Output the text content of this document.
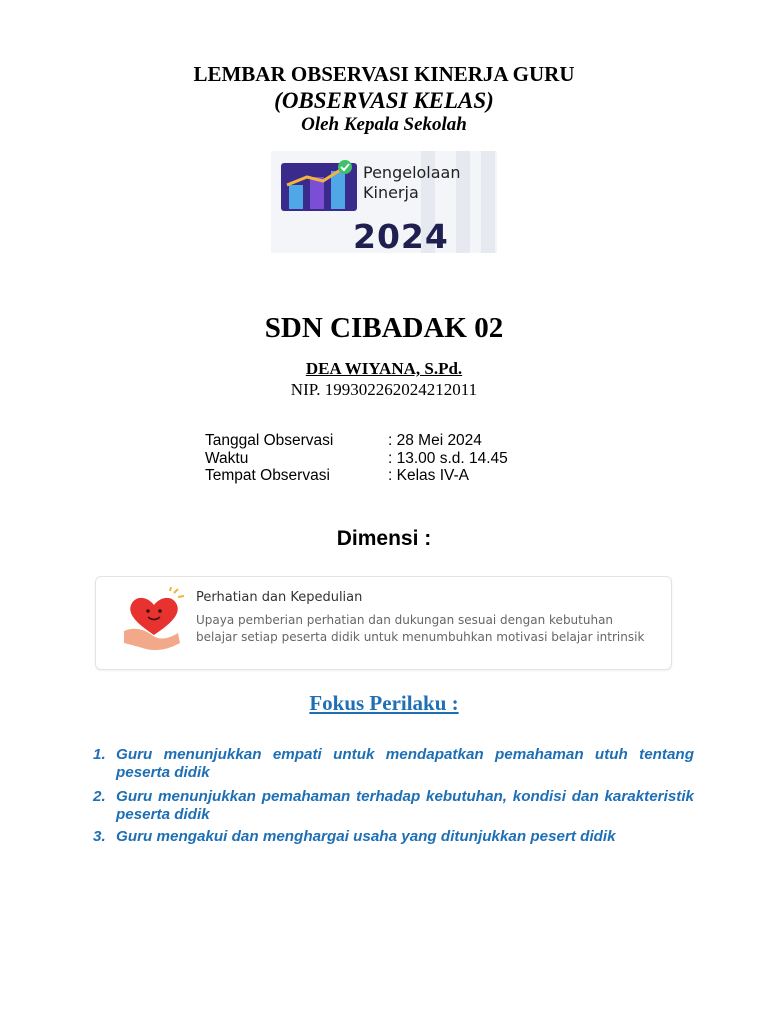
LEMBAR OBSERVASI KINERJA GURU
(OBSERVASI KELAS)
Oleh Kepala Sekolah
Pengelolaan
Kinerja
2024
SDN CIBADAK 02
DEA WIYANA, S.Pd.
NIP. 199302262024212011
Tanggal Observasi	: 28 Mei 2024
Waktu	: 13.00 s.d. 14.45
Tempat Observasi	: Kelas IV-A
Dimensi :
Perhatian dan Kepedulian
Upaya pemberian perhatian dan dukungan sesuai dengan kebutuhan
belajar setiap peserta didik untuk menumbuhkan motivasi belajar intrinsik
Fokus Perilaku :
1. Guru menunjukkan empati untuk mendapatkan pemahaman utuh tentang peserta didik
2. Guru menunjukkan pemahaman terhadap kebutuhan, kondisi dan karakteristik peserta didik
3. Guru mengakui dan menghargai usaha yang ditunjukkan pesert didik
